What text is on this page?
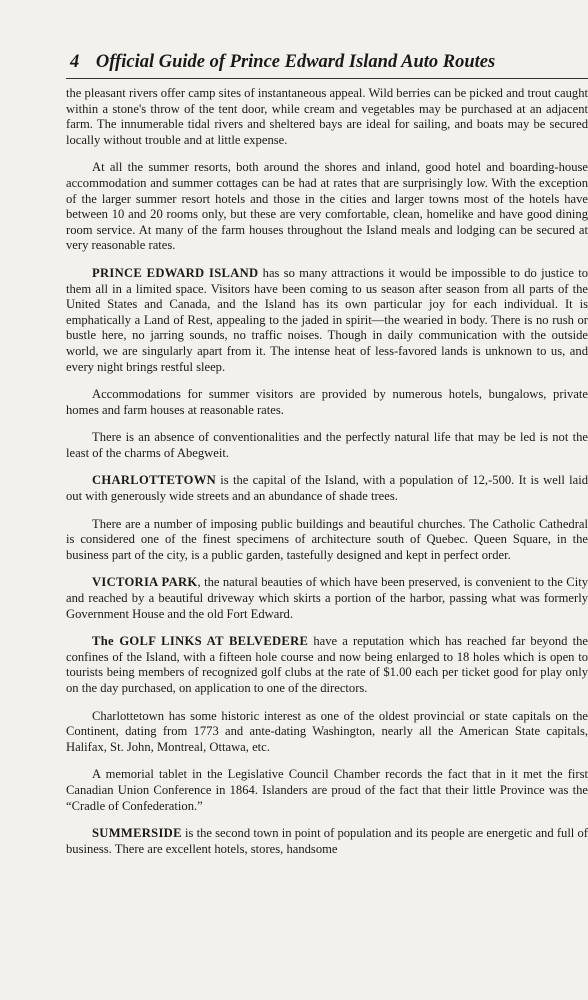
4 Official Guide of Prince Edward Island Auto Routes

the pleasant rivers offer camp sites of instantaneous appeal. Wild berries can be picked and trout caught within a stone's throw of the tent door, while cream and vegetables may be purchased at an adjacent farm. The innumerable tidal rivers and sheltered bays are ideal for sailing, and boats may be secured locally without trouble and at little expense.

At all the summer resorts, both around the shores and inland, good hotel and boarding-house accommodation and summer cottages can be had at rates that are surprisingly low. With the exception of the larger summer resort hotels and those in the cities and larger towns most of the hotels have between 10 and 20 rooms only, but these are very comfortable, clean, homelike and have good dining room service. At many of the farm houses throughout the Island meals and lodging can be secured at very reasonable rates.

PRINCE EDWARD ISLAND has so many attractions it would be impossible to do justice to them all in a limited space. Visitors have been coming to us season after season from all parts of the United States and Canada, and the Island has its own particular joy for each individual. It is emphatically a Land of Rest, appealing to the jaded in spirit—the wearied in body. There is no rush or bustle here, no jarring sounds, no traffic noises. Though in daily communication with the outside world, we are singularly apart from it. The intense heat of less-favored lands is unknown to us, and every night brings restful sleep.

Accommodations for summer visitors are provided by numerous hotels, bungalows, private homes and farm houses at reasonable rates.

There is an absence of conventionalities and the perfectly natural life that may be led is not the least of the charms of Abegweit.

CHARLOTTETOWN is the capital of the Island, with a population of 12,-500. It is well laid out with generously wide streets and an abundance of shade trees.

There are a number of imposing public buildings and beautiful churches. The Catholic Cathedral is considered one of the finest specimens of architecture south of Quebec. Queen Square, in the business part of the city, is a public garden, tastefully designed and kept in perfect order.

VICTORIA PARK, the natural beauties of which have been preserved, is convenient to the City and reached by a beautiful driveway which skirts a portion of the harbor, passing what was formerly Government House and the old Fort Edward.

The GOLF LINKS AT BELVEDERE have a reputation which has reached far beyond the confines of the Island, with a fifteen hole course and now being enlarged to 18 holes which is open to tourists being members of recognized golf clubs at the rate of $1.00 each per ticket good for play only on the day purchased, on application to one of the directors.

Charlottetown has some historic interest as one of the oldest provincial or state capitals on the Continent, dating from 1773 and ante-dating Washington, nearly all the American State capitals, Halifax, St. John, Montreal, Ottawa, etc.

A memorial tablet in the Legislative Council Chamber records the fact that in it met the first Canadian Union Conference in 1864. Islanders are proud of the fact that their little Province was the “Cradle of Confederation.”

SUMMERSIDE is the second town in point of population and its people are energetic and full of business. There are excellent hotels, stores, handsome
